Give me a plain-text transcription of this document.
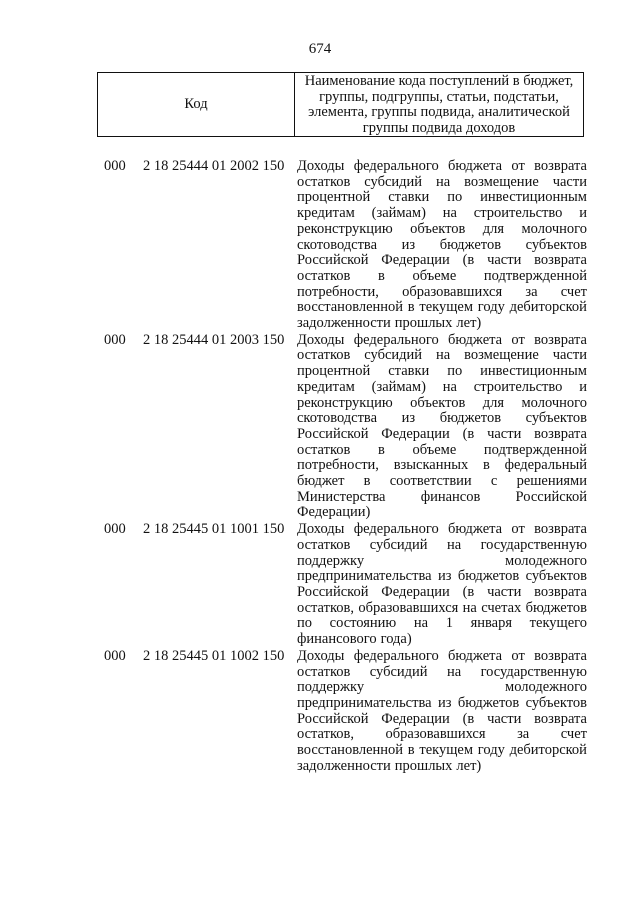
674
Код
Наименование кода поступлений в бюджет,
группы, подгруппы, статьи, подстатьи,
элемента, группы подвида, аналитической
группы подвида доходов
000 2 18 25444 01 2002 150 Доходы федерального бюджета от возврата
остатков субсидий на возмещение части
процентной ставки по инвестиционным
кредитам (займам) на строительство и
реконструкцию объектов для молочного
скотоводства из бюджетов субъектов
Российской Федерации (в части возврата
остатков в объеме подтвержденной
потребности, образовавшихся за счет
восстановленной в текущем году дебиторской
задолженности прошлых лет)
000 2 18 25444 01 2003 150 Доходы федерального бюджета от возврата
остатков субсидий на возмещение части
процентной ставки по инвестиционным
кредитам (займам) на строительство и
реконструкцию объектов для молочного
скотоводства из бюджетов субъектов
Российской Федерации (в части возврата
остатков в объеме подтвержденной
потребности, взысканных в федеральный
бюджет в соответствии с решениями
Министерства финансов Российской
Федерации)
000 2 18 25445 01 1001 150 Доходы федерального бюджета от возврата
остатков субсидий на государственную
поддержку	молодежного
предпринимательства из бюджетов субъектов
Российской Федерации (в части возврата
остатков, образовавшихся на счетах бюджетов
по состоянию на 1 января текущего
финансового года)
000 2 18 25445 01 1002 150 Доходы федерального бюджета от возврата
остатков субсидий на государственную
поддержку	молодежного
предпринимательства из бюджетов субъектов
Российской Федерации (в части возврата
остатков, образовавшихся за счет
восстановленной в текущем году дебиторской
задолженности прошлых лет)
